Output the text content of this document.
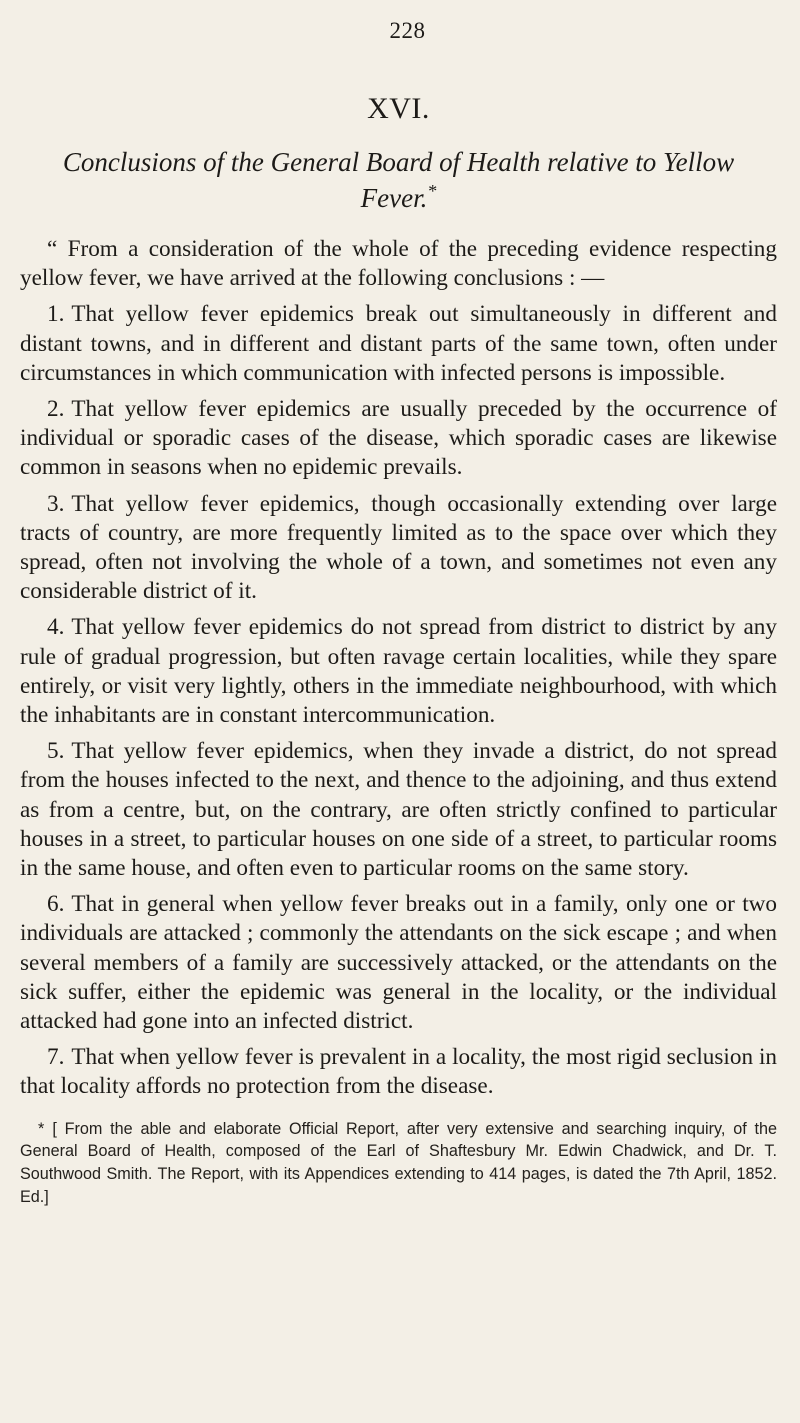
228
XVI.
Conclusions of the General Board of Health relative to Yellow Fever.*

“ From a consideration of the whole of the preceding evidence respecting yellow fever, we have arrived at the following conclusions : —

1. That yellow fever epidemics break out simultaneously in different and distant towns, and in different and distant parts of the same town, often under circumstances in which communication with infected persons is impossible.

2. That yellow fever epidemics are usually preceded by the occurrence of individual or sporadic cases of the disease, which sporadic cases are likewise common in seasons when no epidemic prevails.

3. That yellow fever epidemics, though occasionally extending over large tracts of country, are more frequently limited as to the space over which they spread, often not involving the whole of a town, and sometimes not even any considerable district of it.

4. That yellow fever epidemics do not spread from district to district by any rule of gradual progression, but often ravage certain localities, while they spare entirely, or visit very lightly, others in the immediate neighbourhood, with which the inhabitants are in constant intercommunication.

5. That yellow fever epidemics, when they invade a district, do not spread from the houses infected to the next, and thence to the adjoining, and thus extend as from a centre, but, on the contrary, are often strictly confined to particular houses in a street, to particular houses on one side of a street, to particular rooms in the same house, and often even to particular rooms on the same story.

6. That in general when yellow fever breaks out in a family, only one or two individuals are attacked ; commonly the attendants on the sick escape ; and when several members of a family are successively attacked, or the attendants on the sick suffer, either the epidemic was general in the locality, or the individual attacked had gone into an infected district.

7. That when yellow fever is prevalent in a locality, the most rigid seclusion in that locality affords no protection from the disease.

* [ From the able and elaborate Official Report, after very extensive and searching inquiry, of the General Board of Health, composed of the Earl of Shaftesbury Mr. Edwin Chadwick, and Dr. T. Southwood Smith. The Report, with its Appendices extending to 414 pages, is dated the 7th April, 1852. Ed.]
